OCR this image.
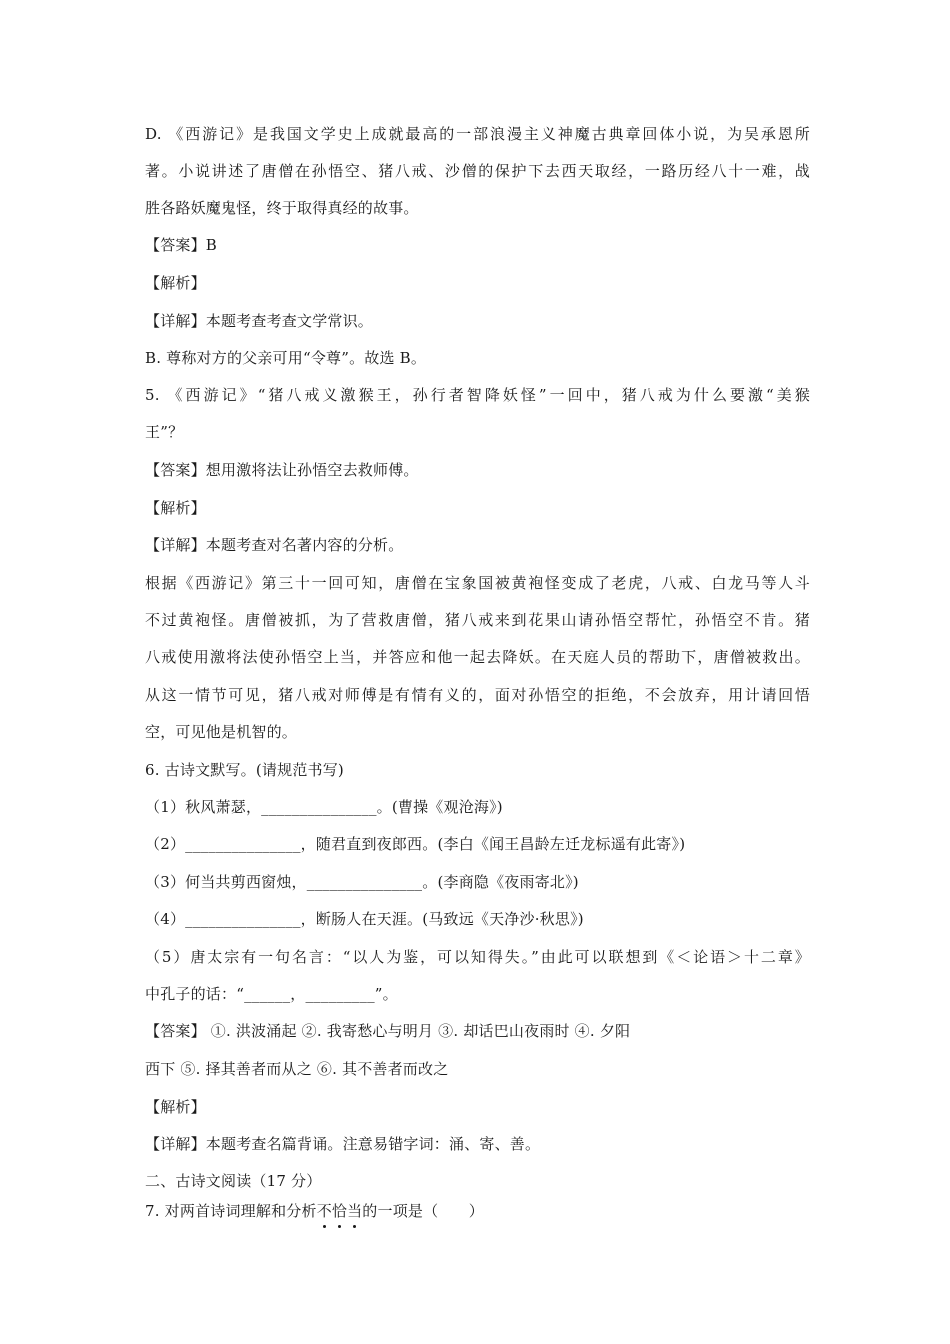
D. 《西游记》是我国文学史上成就最高的一部浪漫主义神魔古典章回体小说，为吴承恩所
著。小说讲述了唐僧在孙悟空、猪八戒、沙僧的保护下去西天取经，一路历经八十一难，战
胜各路妖魔鬼怪，终于取得真经的故事。
【答案】B
【解析】
【详解】本题考查考查文学常识。
B. 尊称对方的父亲可用“令尊”。故选 B。
5. 《西游记》“猪八戒义激猴王，孙行者智降妖怪”一回中，猪八戒为什么要激“美猴
王”？
【答案】想用激将法让孙悟空去救师傅。
【解析】
【详解】本题考查对名著内容的分析。
根据《西游记》第三十一回可知，唐僧在宝象国被黄袍怪变成了老虎，八戒、白龙马等人斗
不过黄袍怪。唐僧被抓，为了营救唐僧，猪八戒来到花果山请孙悟空帮忙，孙悟空不肯。猪
八戒使用激将法使孙悟空上当，并答应和他一起去降妖。在天庭人员的帮助下，唐僧被救出。
从这一情节可见，猪八戒对师傅是有情有义的，面对孙悟空的拒绝，不会放弃，用计请回悟
空，可见他是机智的。
6. 古诗文默写。(请规范书写)
（1）秋风萧瑟，_______________。(曹操《观沧海》)
（2）_______________，随君直到夜郎西。(李白《闻王昌龄左迁龙标遥有此寄》)
（3）何当共剪西窗烛，_______________。(李商隐《夜雨寄北》)
（4）_______________，断肠人在天涯。(马致远《天净沙·秋思》)
（5）唐太宗有一句名言：“以人为鉴，可以知得失。”由此可以联想到《＜论语＞十二章》
中孔子的话：“______，_________”。
【答案】 ①. 洪波涌起 ②. 我寄愁心与明月 ③. 却话巴山夜雨时 ④. 夕阳
西下 ⑤. 择其善者而从之 ⑥. 其不善者而改之
【解析】
【详解】本题考查名篇背诵。注意易错字词：涌、寄、善。
二、古诗文阅读（17 分）
7. 对两首诗词理解和分析不
恰
当
的一项是（　　）
